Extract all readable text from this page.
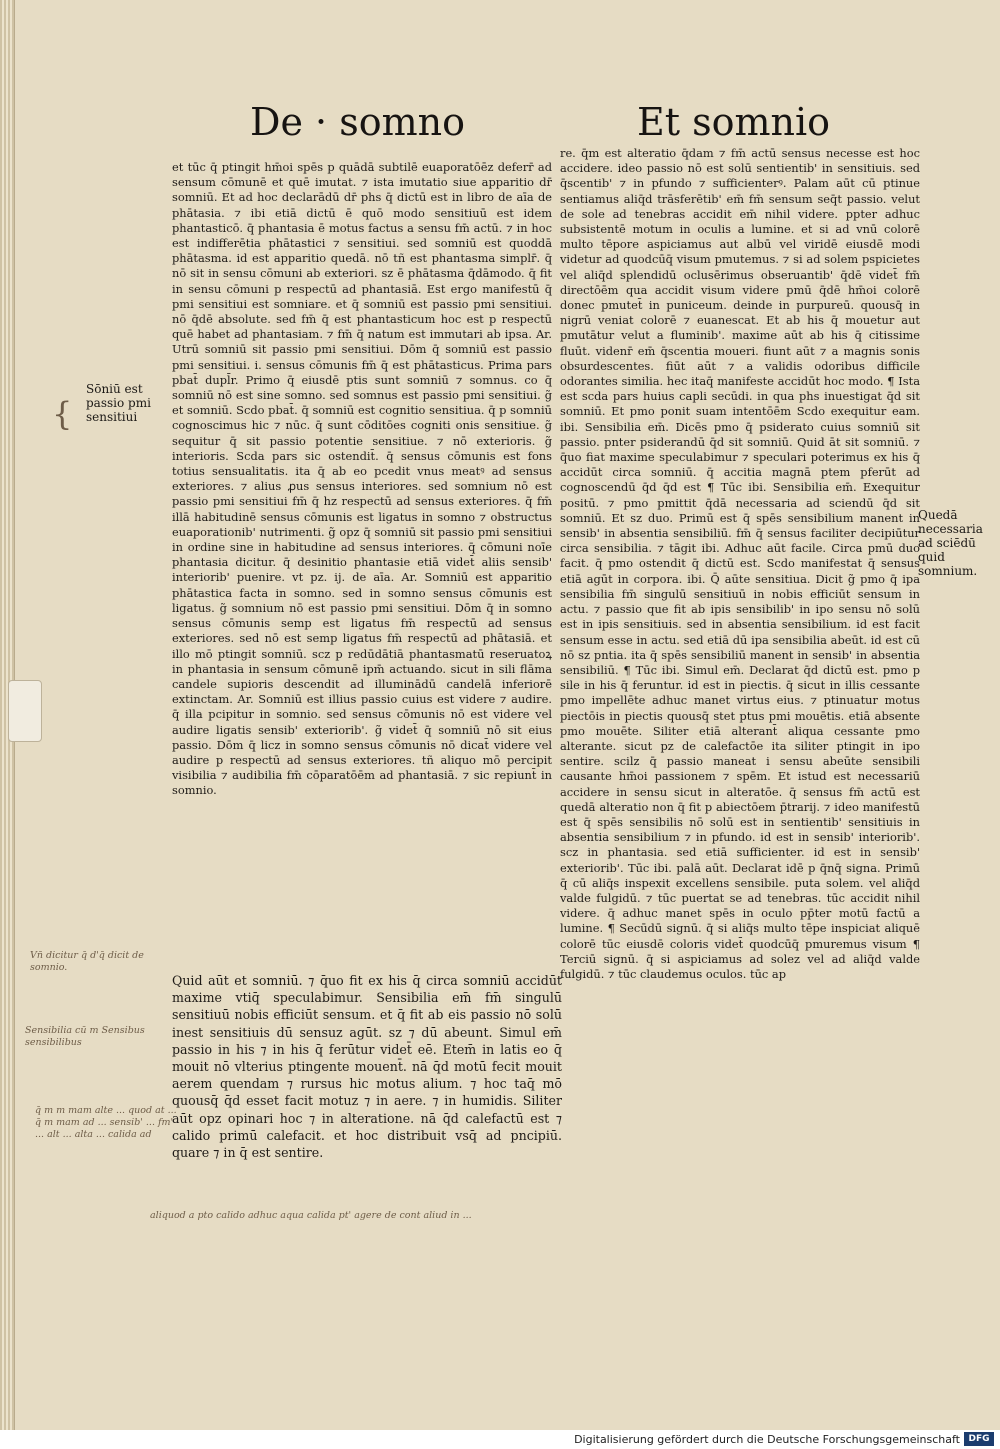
De · somno	Et somnio

et tūc q̄ ptingit hm̄oi spēs p quādā subtilē euaporatōēz deferr̄ ad sensum cōmunē et quē imutat. ⁊ ista imutatio siue apparitio dr̄ somniū. Et ad hoc declarādū dr̄ phs q̄ dictū est in libro de aīa de phātasia. ⁊ ibi etiā dictū ē quō modo sensitiuū est idem phantasticō. q̄ phantasia ē motus factus a sensu fm̄ actū. ⁊ in hoc est indifferētia phātastici ⁊ sensitiui. sed somniū est quoddā phātasma. id est apparitio quedā. nō tñ est phantasma simplr̄. q̄ nō sit in sensu cōmuni ab exteriori. sz ē phātasma q̄dāmodo. q̄ fit in sensu cōmuni p respectū ad phantasiā. Est ergo manifestū q̄ pmi sensitiui est somniare. et q̄ somniū est passio pmi sensitiui. nō q̄dē absolute. sed fm̄ q̄ est phantasticum hoc est p respectū quē habet ad phantasiam. ⁊ fm̄ q̄ natum est immutari ab ipsa. Ar. Utrū somniū sit passio pmi sensitiui. Dōm q̄ somniū est passio pmi sensitiui. i. sensus cōmunis fm̄ q̄ est phātasticus. Prima pars pbat̄ dupl̄r. Primo q̄ eiusdē ptis sunt somniū ⁊ somnus. co q̄ somniū nō est sine somno. sed somnus est passio pmi sensitiui. g̃ et somniū. Scdo pbat̄. q̄ somniū est cognitio sensitiua. q̄ p somniū cognoscimus hic ⁊ nūc. q̄ sunt cōditōes cogniti onis sensitiue. g̃ sequitur q̄ sit passio potentie sensitiue. ⁊ nō exterioris. g̃ interioris. Scda pars sic ostendit̄. q̄ sensus cōmunis est fons totius sensualitatis. ita q̄ ab eo pcedit vnus meatꝰ ad sensus exteriores. ⁊ alius ꝓus sensus interiores. sed somnium nō est passio pmi sensitiui fm̄ q̄ hz respectū ad sensus exteriores. q̄ fm̄ illā habitudinē sensus cōmunis est ligatus in somno ⁊ obstructus euaporationib' nutrimenti. g̃ opz q̄ somniū sit passio pmi sensitiui in ordine sine in habitudine ad sensus interiores. q̄ cōmuni noīe phantasia dicitur. q̄ desinitio phantasie etiā videt̄ aliis sensib' interiorib' puenire. vt pz. ij. de aīa. Ar. Somniū est apparitio phātastica facta in somno. sed in somno sensus cōmunis est ligatus. g̃ somnium nō est passio pmi sensitiui. Dōm q̄ in somno sensus cōmunis semp est ligatus fm̄ respectū ad sensus exteriores. sed nō est semp ligatus fm̄ respectū ad phātasiā. et illo mō ptingit somniū. scz p redūdātiā phantasmatū reseruatoꝝ in phantasia in sensum cōmunē ipm̄ actuando. sicut in sili flāma candele supioris descendit ad illuminādū candelā inferiorē extinctam. Ar. Somniū est illius passio cuius est videre ⁊ audire. q̄ illa pcipitur in somnio. sed sensus cōmunis nō est videre vel audire ligatis sensib' exteriorib'. g̃ videt̄ q̄ somniū nō sit eius passio. Dōm q̄ licz in somno sensus cōmunis nō dicat̄ videre vel audire p respectū ad sensus exteriores. tñ aliquo mō percipit visibilia ⁊ audibilia fm̄ cōparatōēm ad phantasiā. ⁊ sic repiunt̄ in somnio.

Quid aūt et somniū. ⁊ q̄uo fit ex his q̄ circa somniū accidūt maxime vtiq̄ speculabimur. Sensibilia em̄ fm̄ singulū sensitiuū nobis efficiūt sensum. et q̄ fit ab eis passio nō solū inest sensitiuis dū sensuz agūt. sz ⁊ dū abeunt. Simul em̄ passio in his ⁊ in his q̄ ferūtur videt̄ eē. Etem̄ in latis eo q̄ mouit nō vlterius ptingente mouent̄. nā q̄d motū fecit mouit aerem quendam ⁊ rursus hic motus alium. ⁊ hoc taq̄ mō quousq̄ q̄d esset facit motuz ⁊ in aere. ⁊ in humidis. Siliter aūt opz opinari hoc ⁊ in alteratione. nā q̄d calefactū est ⁊ calido primū calefacit. et hoc distribuit vsq̄ ad pncipiū. quare ⁊ in q̄ est sentire.

re. q̄m est alteratio q̄dam ⁊ fm̄ actū sensus necesse est hoc accidere. ideo passio nō est solū sentientib' in sensitiuis. sed q̄scentib' ⁊ in pfundo ⁊ sufficienterꝰ. Palam aūt cū ptinue sentiamus aliq̄d trāsferētib' em̄ fm̄ sensum seq̄t passio. velut de sole ad tenebras accidit em̄ nihil videre. ppter adhuc subsistentē motum in oculis a lumine. et si ad vnū colorē multo tēpore aspiciamus aut albū vel viridē eiusdē modi videtur ad quodcūq̄ visum pmutemus. ⁊ si ad solem pspicietes vel aliq̄d splendidū oclusērimus obseruantib' q̄dē videt̄ fm̄ directōēm qua accidit visum videre pmū q̄dē hm̄oi colorē donec pmutet̄ in puniceum. deinde in purpureū. quousq̄ in nigrū veniat colorē ⁊ euanescat. Et ab his q̄ mouetur aut pmutātur velut a fluminib'. maxime aūt ab his q̄ citissime fluūt. videnr̄ em̄ q̄scentia moueri. fiunt aūt ⁊ a magnis sonis obsurdescentes. fiūt aūt ⁊ a validis odoribus difficile odorantes similia. hec itaq̄ manifeste accidūt hoc modo. ¶ Ista est scda pars huius capli secūdi. in qua phs inuestigat q̄d sit somniū. Et pmo ponit suam intentōēm Scdo exequitur eam. ibi. Sensibilia em̄. Dicēs pmo q̄ psiderato cuius somniū sit passio. pnter psiderandū q̄d sit somniū. Quid āt sit somniū. ⁊ q̄uo fiat maxime speculabimur ⁊ speculari poterimus ex his q̄ accidūt circa somniū. q̄ accitia magnā ptem pferūt ad cognoscendū q̄d q̄d est ¶ Tūc ibi. Sensibilia em̄. Exequitur positū. ⁊ pmo pmittit q̄dā necessaria ad sciendū q̄d sit somniū. Et sz duo. Primū est q̄ spēs sensibilium manent in sensib' in absentia sensibiliū. fm̄ q̄ sensus faciliter decipiūtur circa sensibilia. ⁊ tāgit ibi. Adhuc aūt facile. Circa pmū duo facit. q̄ pmo ostendit q̄ dictū est. Scdo manifestat q̄ sensus etiā agūt in corpora. ibi. Q̄ aūte sensitiua. Dicit g̃ pmo q̄ ipa sensibilia fm̄ singulū sensitiuū in nobis efficiūt sensum in actu. ⁊ passio que fit ab ipis sensibilib' in ipo sensu nō solū est in ipis sensitiuis. sed in absentia sensibilium. id est facit sensum esse in actu. sed etiā dū ipa sensibilia abeūt. id est cū nō sz pntia. ita q̄ spēs sensibiliū manent in sensib' in absentia sensibiliū. ¶ Tūc ibi. Simul em̄. Declarat q̄d dictū est. pmo p sile in his q̄ feruntur. id est in piectis. q̄ sicut in illis cessante pmo impellēte adhuc manet virtus eius. ⁊ ptinuatur motus piectōis in piectis quousq̄ stet ptus pmi mouētis. etiā absente pmo mouēte. Siliter etiā alterant̄ aliqua cessante pmo alterante. sicut pz de calefactōe ita siliter ptingit in ipo sentire. scilz q̄ passio maneat i sensu abeūte sensibili causante hm̄oi passionem ⁊ spēm. Et istud est necessariū accidere in sensu sicut in alteratōe. q̄ sensus fm̄ actū est quedā alteratio non q̄ fit p abiectōem p̄trarij. ⁊ ideo manifestū est q̄ spēs sensibilis nō solū est in sentientib' sensitiuis in absentia sensibilium ⁊ in pfundo. id est in sensib' interiorib'. scz in phantasia. sed etiā sufficienter. id est in sensib' exteriorib'. Tūc ibi. palā aūt. Declarat idē p q̄nq̄ signa. Primū q̄ cū aliq̄s inspexit excellens sensibile. puta solem. vel aliq̄d valde fulgidū. ⁊ tūc puertat se ad tenebras. tūc accidit nihil videre. q̄ adhuc manet spēs in oculo pp̄ter motū factū a lumine. ¶ Secūdū signū. q̄ si aliq̄s multo tēpe inspiciat aliquē colorē tūc eiusdē coloris videt̄ quodcūq̄ pmuremus visum ¶ Terciū signū. q̄ si aspiciamus ad solez vel ad aliq̄d valde fulgidū. ⁊ tūc claudemus oculos. tūc ap

Sōniū est passio pmi sensitiui
Quedā necessaria ad sciēdū quid somnium.
{
Vn̄ dicitur q̄ d'q̄ dicit de somnio.
Sensibilia cū m Sensibus sensibilibus
q̄ m m mam alte ... quod at ... q̄ m mam ad ... sensib' ... fm' ... alt ... alta ... calida ad
aliquod a pto calido adhuc aqua calida pt' agere de cont aliud in ...
Digitalisierung gefördert durch die Deutsche Forschungsgemeinschaft DFG
